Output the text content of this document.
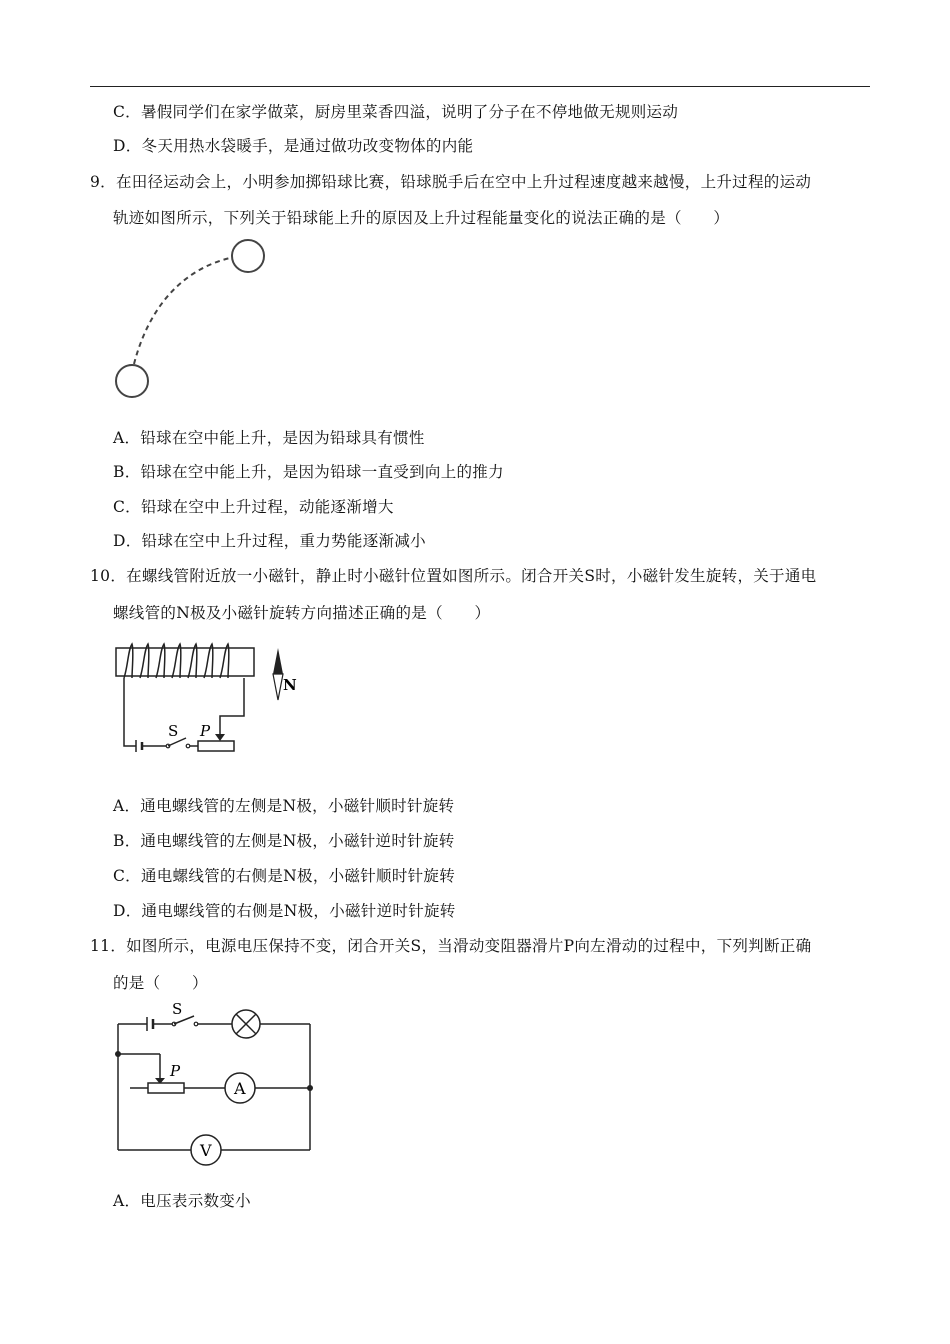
C．暑假同学们在家学做菜，厨房里菜香四溢，说明了分子在不停地做无规则运动
D．冬天用热水袋暖手，是通过做功改变物体的内能
9．在田径运动会上，小明参加掷铅球比赛，铅球脱手后在空中上升过程速度越来越慢，上升过程的运动
轨迹如图所示，下列关于铅球能上升的原因及上升过程能量变化的说法正确的是（　　）
A．铅球在空中能上升，是因为铅球具有惯性
B．铅球在空中能上升，是因为铅球一直受到向上的推力
C．铅球在空中上升过程，动能逐渐增大
D．铅球在空中上升过程，重力势能逐渐减小
10．在螺线管附近放一小磁针，静止时小磁针位置如图所示。闭合开关S时，小磁针发生旋转，关于通电
螺线管的N极及小磁针旋转方向描述正确的是（　　）
S P
N
A．通电螺线管的左侧是N极，小磁针顺时针旋转
B．通电螺线管的左侧是N极，小磁针逆时针旋转
C．通电螺线管的右侧是N极，小磁针顺时针旋转
D．通电螺线管的右侧是N极，小磁针逆时针旋转
11．如图所示，电源电压保持不变，闭合开关S，当滑动变阻器滑片P向左滑动的过程中，下列判断正确
的是（　　）
S
P
A
V
A．电压表示数变小
